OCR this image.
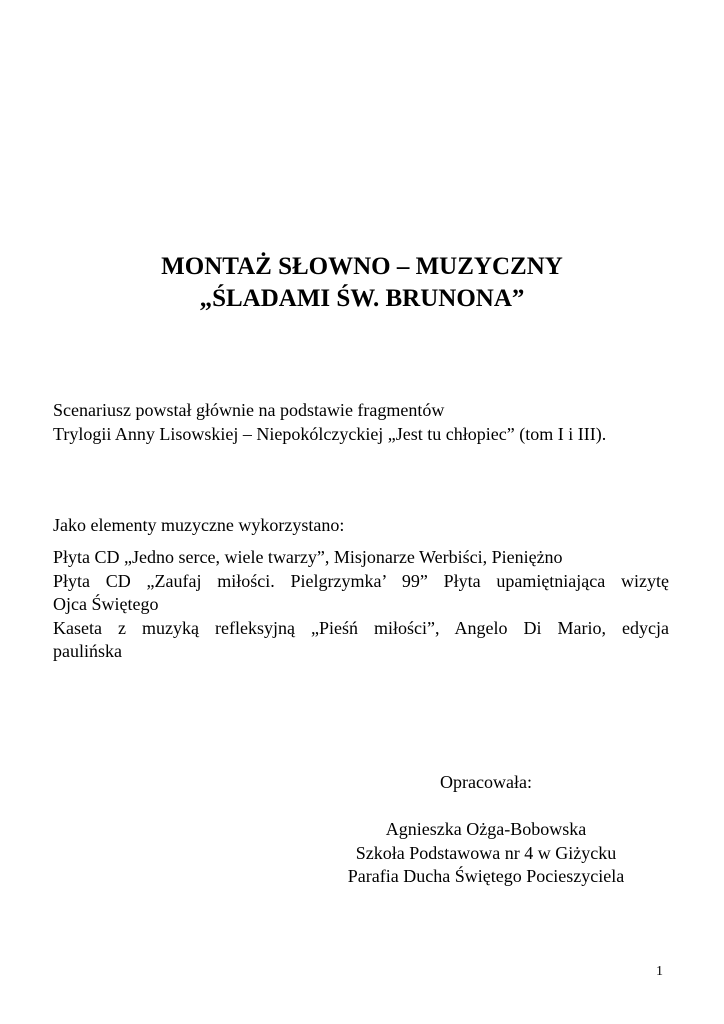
MONTAŻ SŁOWNO – MUZYCZNY
„ŚLADAMI ŚW. BRUNONA”
Scenariusz powstał głównie na podstawie fragmentów
Trylogii Anny Lisowskiej – Niepokólczyckiej „Jest tu chłopiec” (tom I i III).
Jako elementy muzyczne wykorzystano:
Płyta CD „Jedno serce, wiele twarzy”, Misjonarze Werbiści, Pieniężno
Płyta CD „Zaufaj miłości. Pielgrzymka’ 99” Płyta upamiętniająca wizytę
Ojca Świętego
Kaseta z muzyką refleksyjną „Pieśń miłości”, Angelo Di Mario, edycja
paulińska
Opracowała:
Agnieszka Ożga-Bobowska
Szkoła Podstawowa nr 4 w Giżycku
Parafia Ducha Świętego Pocieszyciela
1
